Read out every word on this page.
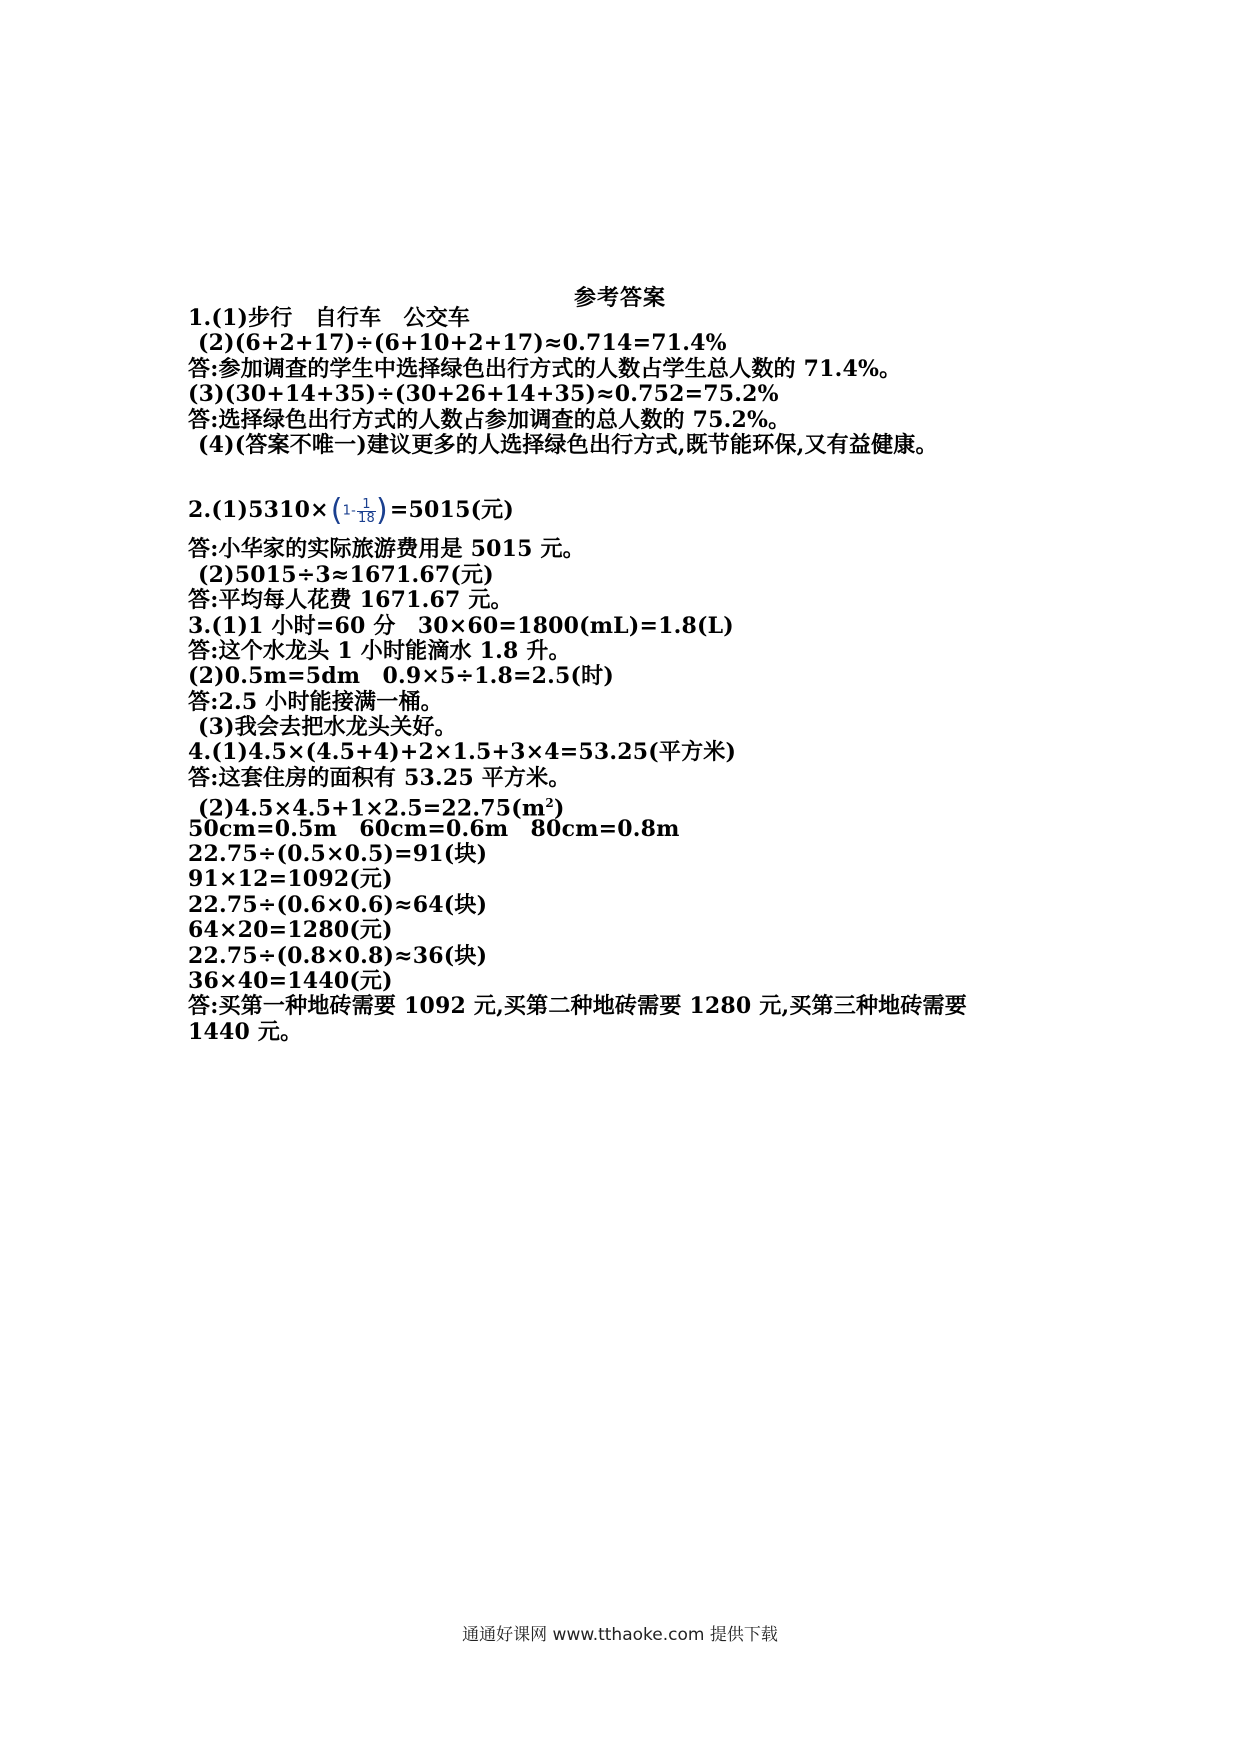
参考答案
1.(1)步行　自行车　公交车
(2)(6+2+17)÷(6+10+2+17)≈0.714=71.4%
答:参加调查的学生中选择绿色出行方式的人数占学生总人数的 71.4%。
(3)(30+14+35)÷(30+26+14+35)≈0.752=75.2%
答:选择绿色出行方式的人数占参加调查的总人数的 75.2%。
(4)(答案不唯一)建议更多的人选择绿色出行方式,既节能环保,又有益健康。
$2.(1)5310\times(1- \frac{1}{18} )=5015$(元)
答:小华家的实际旅游费用是 5015 元。
(2)5015÷3≈1671.67(元)
答:平均每人花费 1671.67 元。
3.(1)1 小时=60 分　30×60=1800(mL)=1.8(L)
答:这个水龙头 1 小时能滴水 1.8 升。
(2)0.5m=5dm　0.9×5÷1.8=2.5(时)
答:2.5 小时能接满一桶。
(3)我会去把水龙头关好。
4.(1)4.5×(4.5+4)+2×1.5+3×4=53.25(平方米)
答:这套住房的面积有 53.25 平方米。
$(2)4.5\times 4.5+1\times 2.5=22.75(m^2)$
50cm=0.5m　60cm=0.6m　80cm=0.8m
22.75÷(0.5×0.5)=91(块)
91×12=1092(元)
22.75÷(0.6×0.6)≈64(块)
64×20=1280(元)
22.75÷(0.8×0.8)≈36(块)
36×40=1440(元)
答:买第一种地砖需要 1092 元,买第二种地砖需要 1280 元,买第三种地砖需要
1440 元。
通通好课网 www.tthaoke.com 提供下载
